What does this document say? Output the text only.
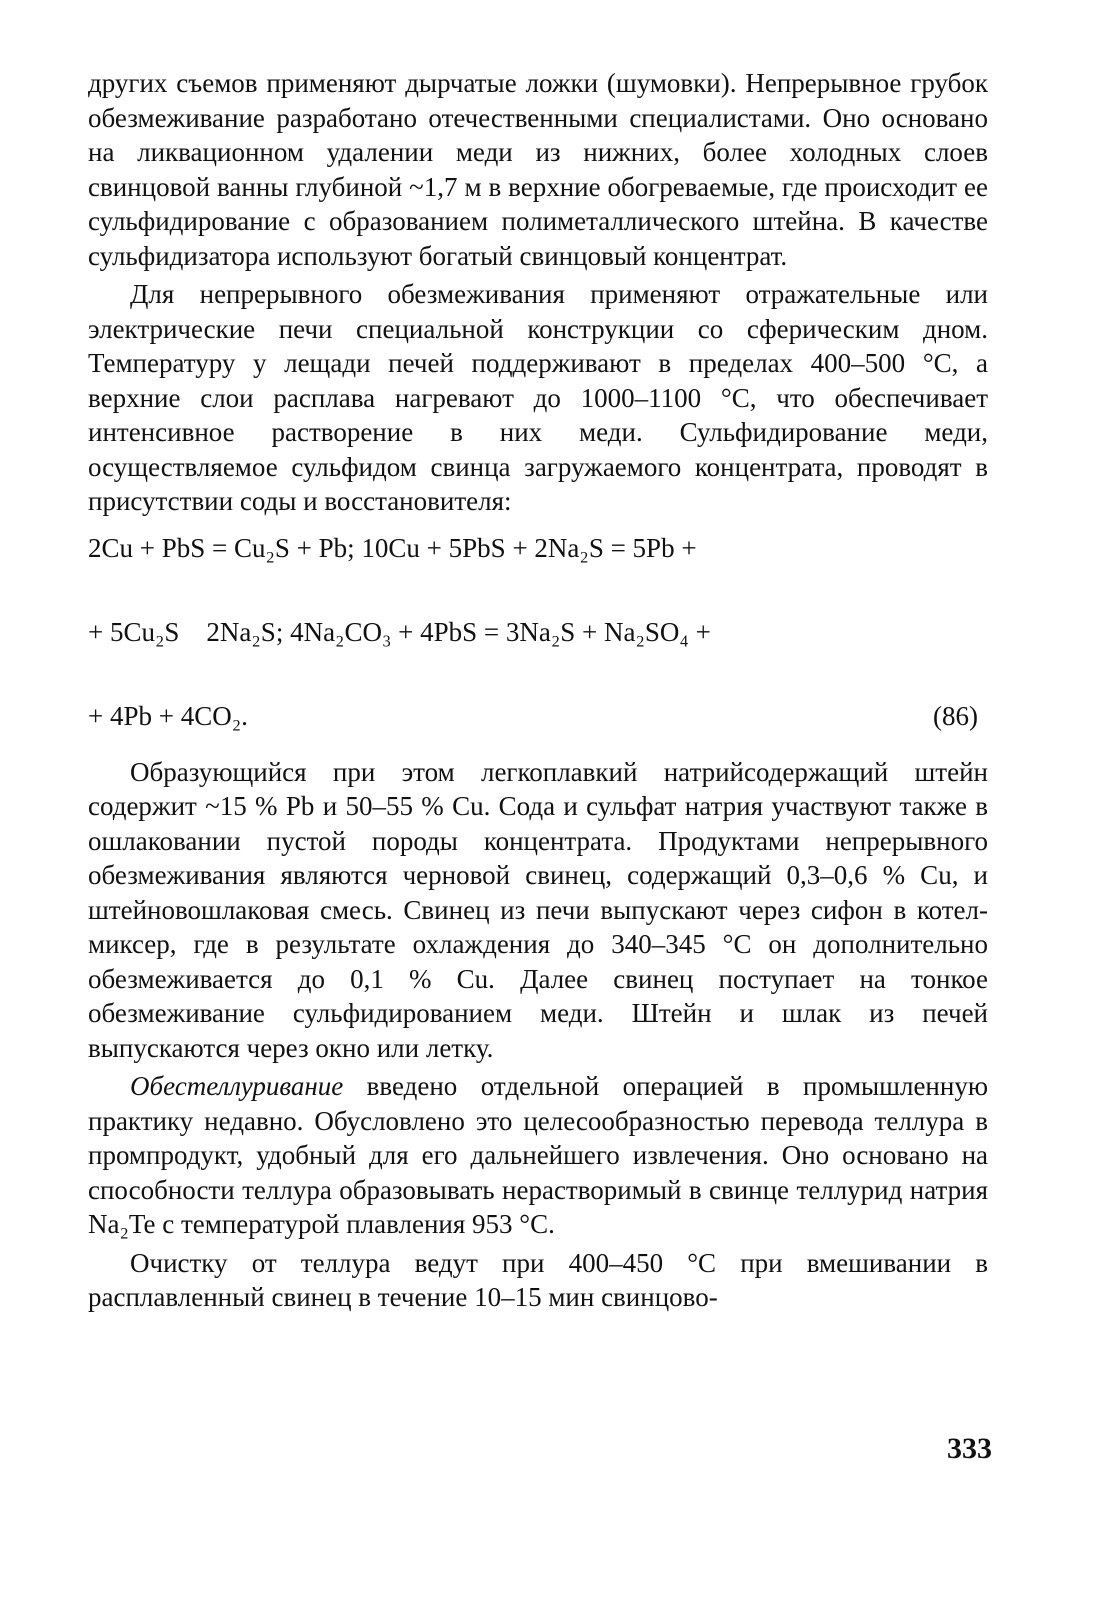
других съемов применяют дырчатые ложки (шумовки). Непрерывное грубок обезмеживание разработано отечественными специалистами. Оно основано на ликвационном удалении меди из нижних, более холодных слоев свинцовой ванны глубиной ~1,7 м в верхние обогреваемые, где происходит ее сульфидирование с образованием полиметаллического штейна. В качестве сульфидизатора используют богатый свинцовый концентрат.

Для непрерывного обезмеживания применяют отражательные или электрические печи специальной конструкции со сферическим дном. Температуру у лещади печей поддерживают в пределах 400–500 °С, а верхние слои расплава нагревают до 1000–1100 °С, что обеспечивает интенсивное растворение в них меди. Сульфидирование меди, осуществляемое сульфидом свинца загружаемого концентрата, проводят в присутствии соды и восстановителя:

2Cu + PbS = Cu₂S + Pb; 10Cu + 5PbS + 2Na₂S = 5Pb +
+ 5Cu₂S    2Na₂S; 4Na₂CO₃ + 4PbS = 3Na₂S + Na₂SO₄ +
+ 4Pb + 4CO₂.	(86)

Образующийся при этом легкоплавкий натрийсодержащий штейн содержит ~15 % Pb и 50–55 % Cu. Сода и сульфат натрия участвуют также в ошлаковании пустой породы концентрата. Продуктами непрерывного обезмеживания являются черновой свинец, содержащий 0,3–0,6 % Cu, и штейновошлаковая смесь. Свинец из печи выпускают через сифон в котел-миксер, где в результате охлаждения до 340–345 °С он дополнительно обезмеживается до 0,1 % Cu. Далее свинец поступает на тонкое обезмеживание сульфидированием меди. Штейн и шлак из печей выпускаются через окно или летку.

Обестеллуривание введено отдельной операцией в промышленную практику недавно. Обусловлено это целесообразностью перевода теллура в промпродукт, удобный для его дальнейшего извлечения. Оно основано на способности теллура образовывать нерастворимый в свинце теллурид натрия Na₂Te с температурой плавления 953 °С.

Очистку от теллура ведут при 400–450 °С при вмешивании в расплавленный свинец в течение 10–15 мин свинцово-

333
